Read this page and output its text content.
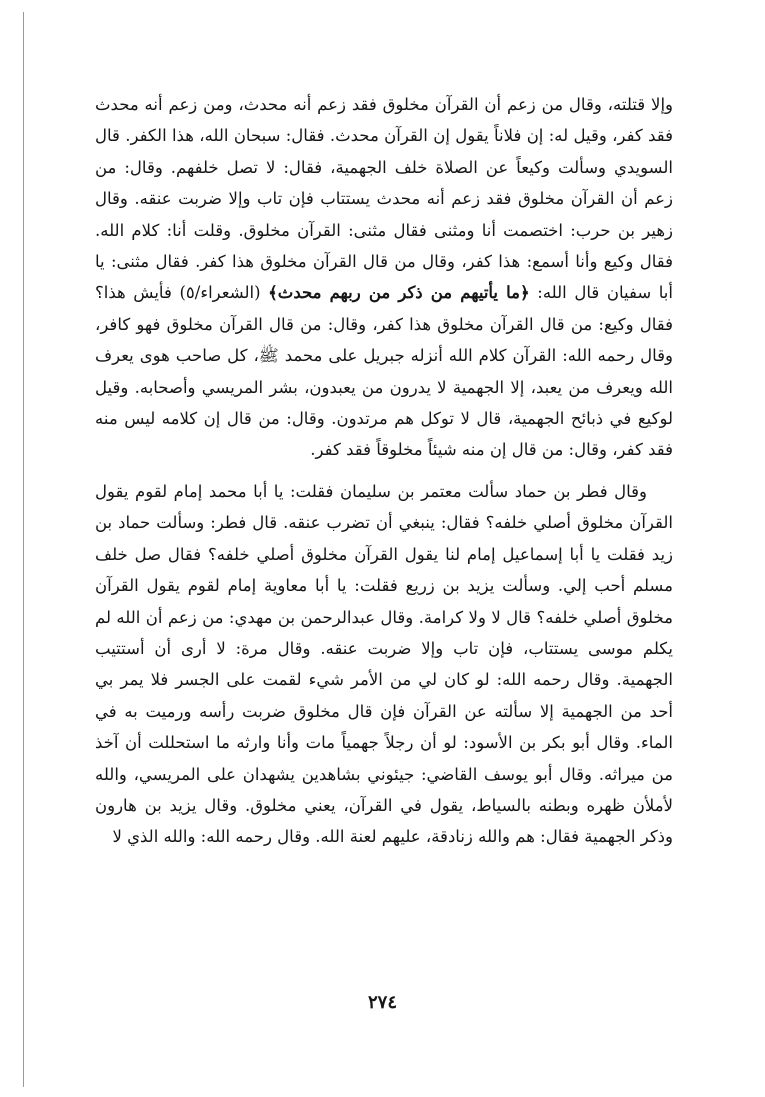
وإلا قتلته، وقال من زعم أن القرآن مخلوق فقد زعم أنه محدث، ومن زعم أنه محدث فقد كفر، وقيل له: إن فلاناً يقول إن القرآن محدث. فقال: سبحان الله، هذا الكفر. قال السويدي وسألت وكيعاً عن الصلاة خلف الجهمية، فقال: لا تصل خلفهم. وقال: من زعم أن القرآن مخلوق فقد زعم أنه محدث يستتاب فإن تاب وإلا ضربت عنقه. وقال زهير بن حرب: اختصمت أنا ومثنى فقال مثنى: القرآن مخلوق. وقلت أنا: كلام الله. فقال وكيع وأنا أسمع: هذا كفر، وقال من قال القرآن مخلوق هذا كفر. فقال مثنى: يا أبا سفيان قال الله: ﴿ما يأتيهم من ذكر من ربهم محدث﴾ (الشعراء/٥) فأيش هذا؟ فقال وكيع: من قال القرآن مخلوق هذا كفر، وقال: من قال القرآن مخلوق فهو كافر، وقال رحمه الله: القرآن كلام الله أنزله جبريل على محمد ﷺ، كل صاحب هوى يعرف الله ويعرف من يعبد، إلا الجهمية لا يدرون من يعبدون، بشر المريسي وأصحابه. وقيل لوكيع في ذبائح الجهمية، قال لا توكل هم مرتدون. وقال: من قال إن كلامه ليس منه فقد كفر، وقال: من قال إن منه شيئاً مخلوقاً فقد كفر.

وقال فطر بن حماد سألت معتمر بن سليمان فقلت: يا أبا محمد إمام لقوم يقول القرآن مخلوق أصلي خلفه؟ فقال: ينبغي أن تضرب عنقه. قال فطر: وسألت حماد بن زيد فقلت يا أبا إسماعيل إمام لنا يقول القرآن مخلوق أصلي خلفه؟ فقال صل خلف مسلم أحب إلي. وسألت يزيد بن زريع فقلت: يا أبا معاوية إمام لقوم يقول القرآن مخلوق أصلي خلفه؟ قال لا ولا كرامة. وقال عبدالرحمن بن مهدي: من زعم أن الله لم يكلم موسى يستتاب، فإن تاب وإلا ضربت عنقه. وقال مرة: لا أرى أن أستتيب الجهمية. وقال رحمه الله: لو كان لي من الأمر شيء لقمت على الجسر فلا يمر بي أحد من الجهمية إلا سألته عن القرآن فإن قال مخلوق ضربت رأسه ورميت به في الماء. وقال أبو بكر بن الأسود: لو أن رجلاً جهمياً مات وأنا وارثه ما استحللت أن آخذ من ميراثه. وقال أبو يوسف القاضي: جيئوني بشاهدين يشهدان على المريسي، والله لأملأن ظهره وبطنه بالسياط، يقول في القرآن، يعني مخلوق. وقال يزيد بن هارون وذكر الجهمية فقال: هم والله زنادقة، عليهم لعنة الله. وقال رحمه الله: والله الذي لا

٢٧٤
